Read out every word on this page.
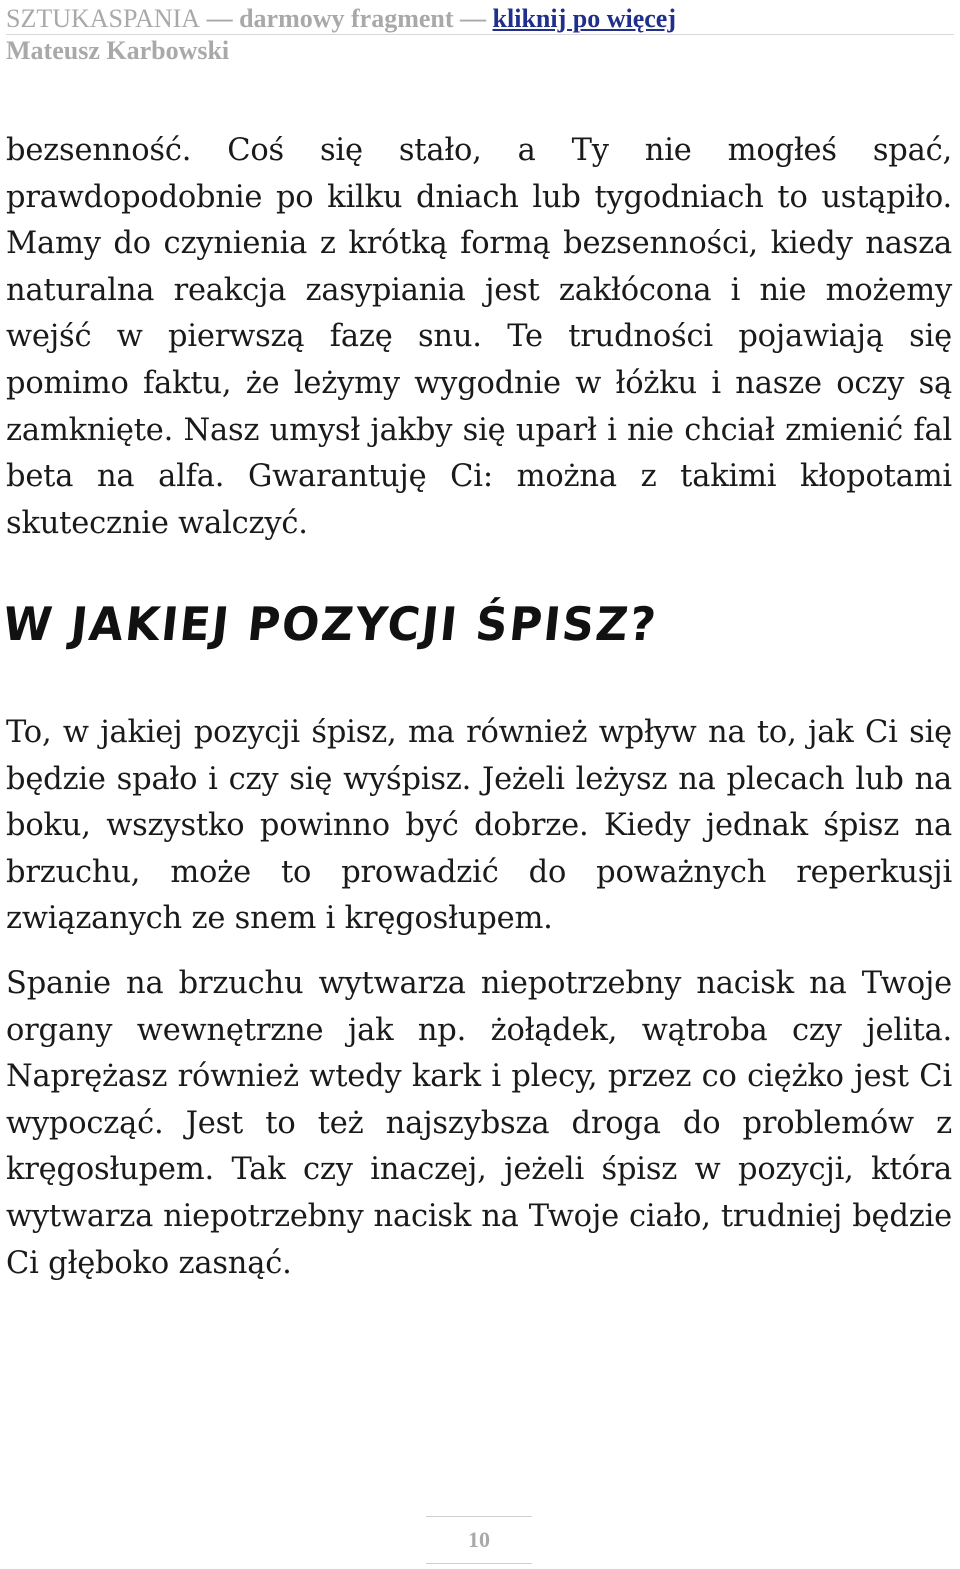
SZTUKASPANIA — darmowy fragment — kliknij po więcej
Mateusz Karbowski
bezsenność. Coś się stało, a Ty nie mogłeś spać, prawdopodobnie po kilku dniach lub tygodniach to ustąpiło. Mamy do czynienia z krótką formą bezsenności, kiedy nasza naturalna reakcja zasypiania jest zakłócona i nie możemy wejść w pierwszą fazę snu. Te trudności pojawiają się pomimo faktu, że leżymy wygodnie w łóżku i nasze oczy są zamknięte. Nasz umysł jakby się uparł i nie chciał zmienić fal beta na alfa. Gwarantuję Ci: można z takimi kłopotami skutecznie walczyć.
W JAKIEJ POZYCJI ŚPISZ?
To, w jakiej pozycji śpisz, ma również wpływ na to, jak Ci się będzie spało i czy się wyśpisz. Jeżeli leżysz na plecach lub na boku, wszystko powinno być dobrze. Kiedy jednak śpisz na brzuchu, może to prowadzić do poważnych reperkusji związanych ze snem i kręgosłupem.
Spanie na brzuchu wytwarza niepotrzebny nacisk na Twoje organy wewnętrzne jak np. żołądek, wątroba czy jelita. Naprężasz również wtedy kark i plecy, przez co ciężko jest Ci wypocząć. Jest to też najszybsza droga do problemów z kręgosłupem. Tak czy inaczej, jeżeli śpisz w pozycji, która wytwarza niepotrzebny nacisk na Twoje ciało, trudniej będzie Ci głęboko zasnąć.
10
